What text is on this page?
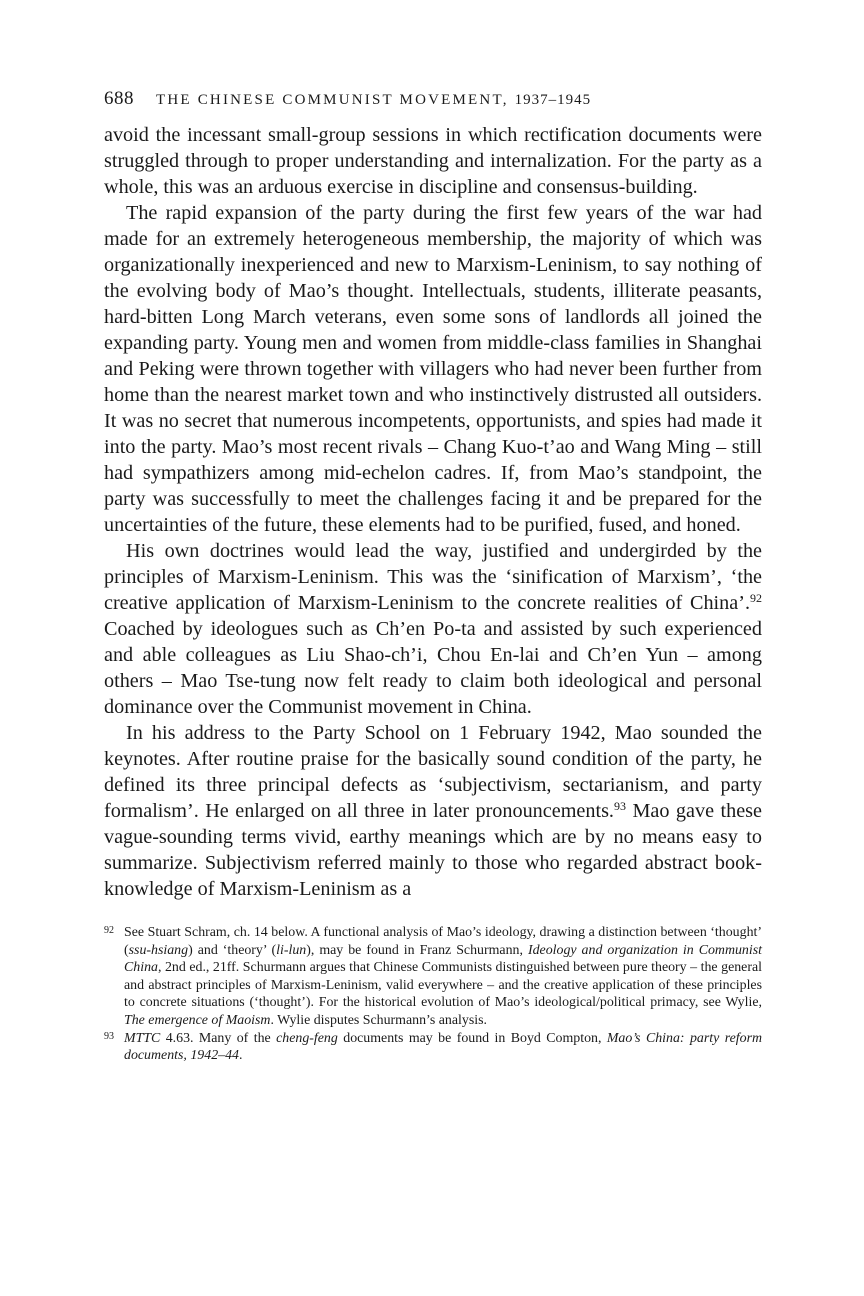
688 THE CHINESE COMMUNIST MOVEMENT, 1937–1945

avoid the incessant small-group sessions in which rectification documents were struggled through to proper understanding and internalization. For the party as a whole, this was an arduous exercise in discipline and consensus-building.

The rapid expansion of the party during the first few years of the war had made for an extremely heterogeneous membership, the majority of which was organizationally inexperienced and new to Marxism-Leninism, to say nothing of the evolving body of Mao’s thought. Intellectuals, students, illiterate peasants, hard-bitten Long March veterans, even some sons of landlords all joined the expanding party. Young men and women from middle-class families in Shanghai and Peking were thrown together with villagers who had never been further from home than the nearest market town and who instinctively distrusted all outsiders. It was no secret that numerous incompetents, opportunists, and spies had made it into the party. Mao’s most recent rivals – Chang Kuo-t’ao and Wang Ming – still had sympathizers among mid-echelon cadres. If, from Mao’s standpoint, the party was successfully to meet the challenges facing it and be prepared for the uncertainties of the future, these elements had to be purified, fused, and honed.

His own doctrines would lead the way, justified and undergirded by the principles of Marxism-Leninism. This was the ‘sinification of Marxism’, ‘the creative application of Marxism-Leninism to the concrete realities of China’.$^{92}$ Coached by ideologues such as Ch’en Po-ta and assisted by such experienced and able colleagues as Liu Shao-ch’i, Chou En-lai and Ch’en Yun – among others – Mao Tse-tung now felt ready to claim both ideological and personal dominance over the Communist movement in China.

In his address to the Party School on 1 February 1942, Mao sounded the keynotes. After routine praise for the basically sound condition of the party, he defined its three principal defects as ‘subjectivism, sectarianism, and party formalism’. He enlarged on all three in later pronouncements.$^{93}$ Mao gave these vague-sounding terms vivid, earthy meanings which are by no means easy to summarize. Subjectivism referred mainly to those who regarded abstract book-knowledge of Marxism-Leninism as a

92 See Stuart Schram, ch. 14 below. A functional analysis of Mao’s ideology, drawing a distinction between ‘thought’ (ssu-hsiang) and ‘theory’ (li-lun), may be found in Franz Schurmann, Ideology and organization in Communist China, 2nd ed., 21ff. Schurmann argues that Chinese Communists distinguished between pure theory – the general and abstract principles of Marxism-Leninism, valid everywhere – and the creative application of these principles to concrete situations (‘thought’). For the historical evolution of Mao’s ideological/political primacy, see Wylie, The emergence of Maoism. Wylie disputes Schurmann’s analysis.
93 MTTC 4.63. Many of the cheng-feng documents may be found in Boyd Compton, Mao’s China: party reform documents, 1942–44.
